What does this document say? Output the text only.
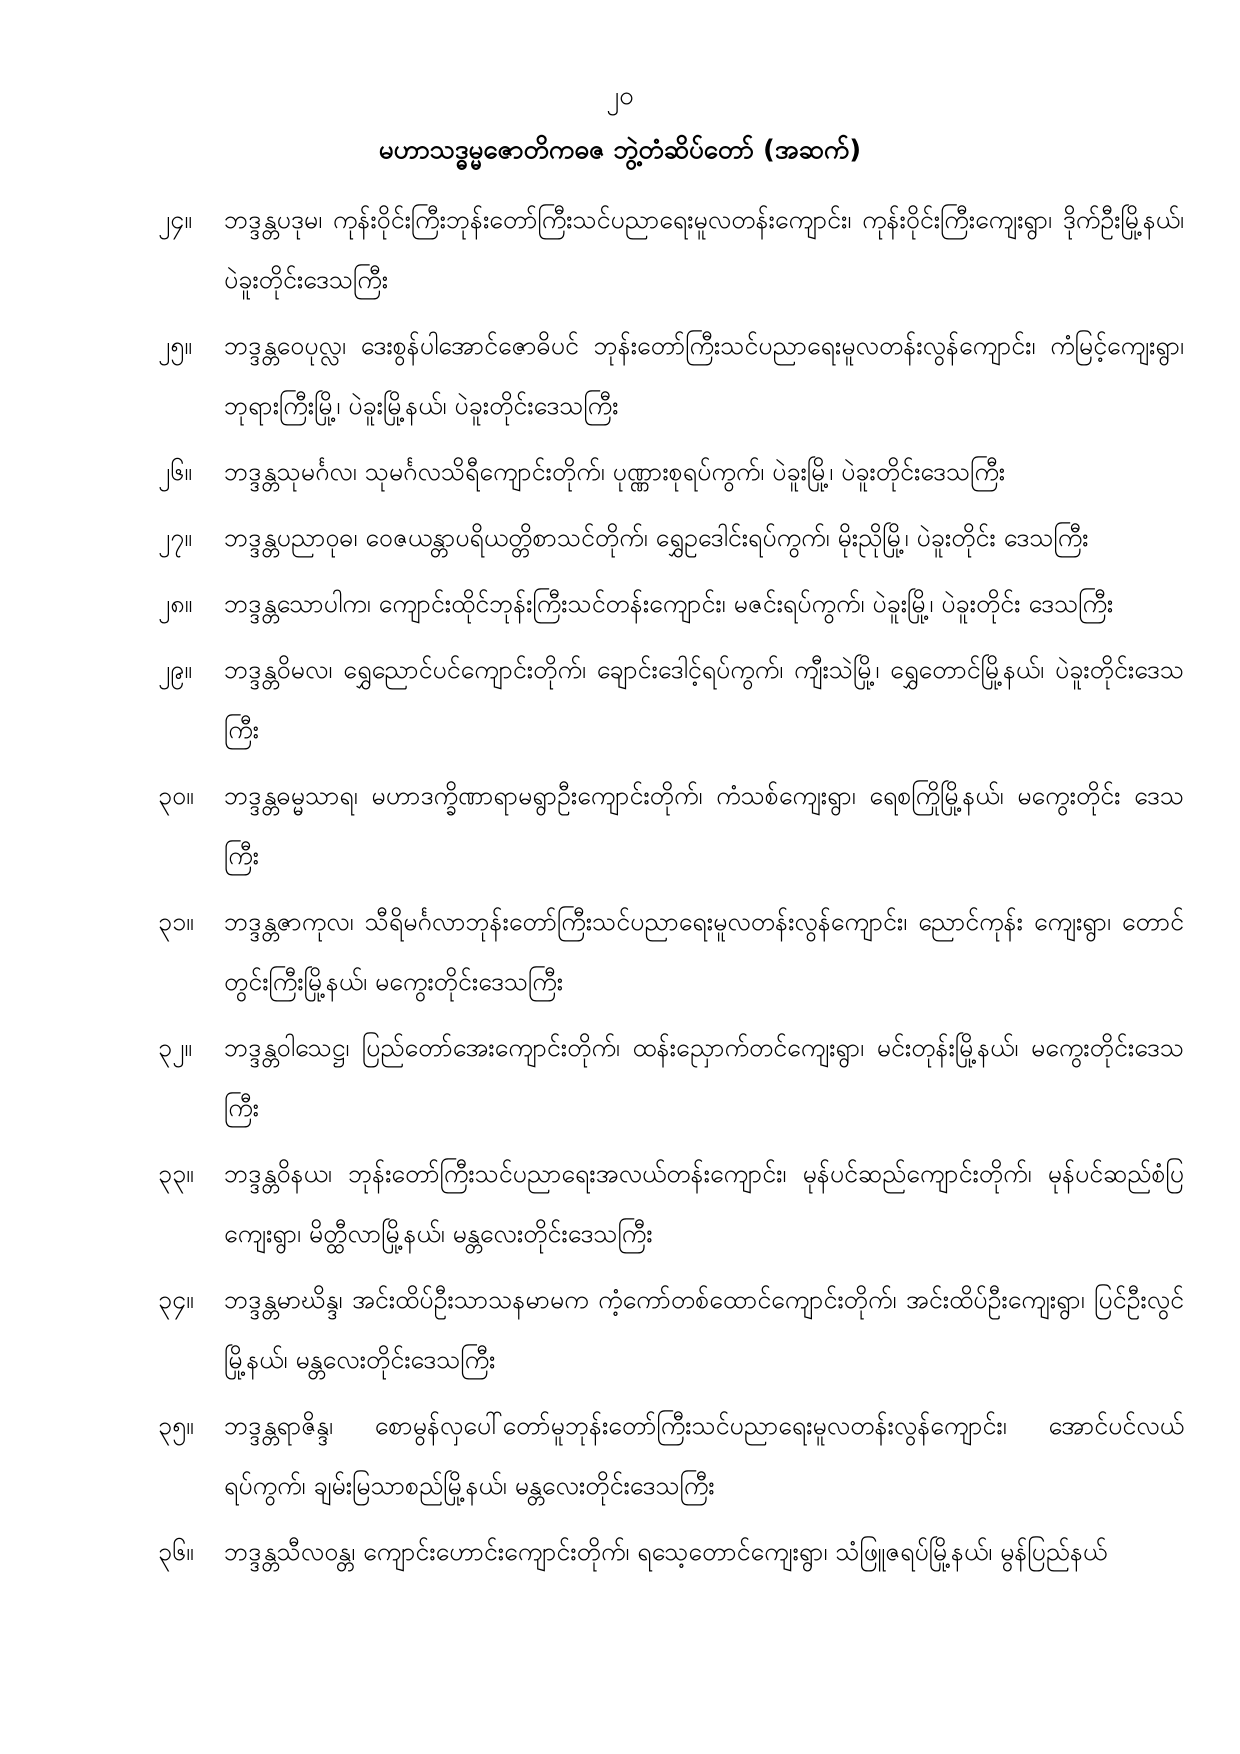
၂၀
မဟာသဒ္ဓမ္မဇောတိကဓဇ ဘွဲ့တံဆိပ်တော် (အဆက်)
၂၄။ ဘဒ္ဒန္တပဒုမ၊ ကုန်းဝိုင်းကြီးဘုန်းတော်ကြီးသင်ပညာရေးမူလတန်းကျောင်း၊ ကုန်းဝိုင်းကြီးကျေးရွာ၊ ဒိုက်ဦးမြို့နယ်၊ ပဲခူးတိုင်းဒေသကြီး
၂၅။ ဘဒ္ဒန္တဝေပုလ္လ၊ ဒေးစွန်ပါအောင်ဇောဓိပင် ဘုန်းတော်ကြီးသင်ပညာရေးမူလတန်းလွန်ကျောင်း၊ ကံမြင့်ကျေးရွာ၊ ဘုရားကြီးမြို့၊ ပဲခူးမြို့နယ်၊ ပဲခူးတိုင်းဒေသကြီး
၂၆။ ဘဒ္ဒန္တသုမင်္ဂလ၊ သုမင်္ဂလသိရီကျောင်းတိုက်၊ ပုဏ္ဏားစုရပ်ကွက်၊ ပဲခူးမြို့၊ ပဲခူးတိုင်းဒေသကြီး
၂၇။ ဘဒ္ဒန္တပညာဝုဓ၊ ဝေဇယန္တာပရိယတ္တိစာသင်တိုက်၊ ရွှေဥဒေါင်းရပ်ကွက်၊ မိုးညိုမြို့၊ ပဲခူးတိုင်း ဒေသကြီး
၂၈။ ဘဒ္ဒန္တသောပါက၊ ကျောင်းထိုင်ဘုန်းကြီးသင်တန်းကျောင်း၊ မဇင်းရပ်ကွက်၊ ပဲခူးမြို့၊ ပဲခူးတိုင်း ဒေသကြီး
၂၉။ ဘဒ္ဒန္တဝိမလ၊ ရွှေညောင်ပင်ကျောင်းတိုက်၊ ချောင်းဒေါင့်ရပ်ကွက်၊ ကျီးသဲမြို့၊ ရွှေတောင်မြို့နယ်၊ ပဲခူးတိုင်းဒေသကြီး
၃၀။ ဘဒ္ဒန္တဓမ္မသာရ၊ မဟာဒက္ခိဏာရာမရွာဦးကျောင်းတိုက်၊ ကံသစ်ကျေးရွာ၊ ရေစကြိုမြို့နယ်၊ မကွေးတိုင်း ဒေသကြီး
၃၁။ ဘဒ္ဒန္တဇာကုလ၊ သီရိမင်္ဂလာဘုန်းတော်ကြီးသင်ပညာရေးမူလတန်းလွန်ကျောင်း၊ ညောင်ကုန်း ကျေးရွာ၊ တောင်တွင်းကြီးမြို့နယ်၊ မကွေးတိုင်းဒေသကြီး
၃၂။ ဘဒ္ဒန္တဝါသေဋ္ဌ၊ ပြည်တော်အေးကျောင်းတိုက်၊ ထန်းညှောက်တင်ကျေးရွာ၊ မင်းတုန်းမြို့နယ်၊ မကွေးတိုင်းဒေသကြီး
၃၃။ ဘဒ္ဒန္တဝိနယ၊ ဘုန်းတော်ကြီးသင်ပညာရေးအလယ်တန်းကျောင်း၊ မုန်ပင်ဆည်ကျောင်းတိုက်၊ မုန်ပင်ဆည်စံပြကျေးရွာ၊ မိတ္ထီလာမြို့နယ်၊ မန္တလေးတိုင်းဒေသကြီး
၃၄။ ဘဒ္ဒန္တမာဃိန္ဒ၊ အင်းထိပ်ဦးသာသနမာမက ကံ့ကော်တစ်ထောင်ကျောင်းတိုက်၊ အင်းထိပ်ဦးကျေးရွာ၊ ပြင်ဦးလွင်မြို့နယ်၊ မန္တလေးတိုင်းဒေသကြီး
၃၅။ ဘဒ္ဒန္တရာဇိန္ဒ၊ စောမွန်လှပေါ်တော်မူဘုန်းတော်ကြီးသင်ပညာရေးမူလတန်းလွန်ကျောင်း၊ အောင်ပင်လယ်ရပ်ကွက်၊ ချမ်းမြသာစည်မြို့နယ်၊ မန္တလေးတိုင်းဒေသကြီး
၃၆။ ဘဒ္ဒန္တသီလဝန္တ၊ ကျောင်းဟောင်းကျောင်းတိုက်၊ ရသေ့တောင်ကျေးရွာ၊ သံဖြူဇရပ်မြို့နယ်၊ မွန်ပြည်နယ်
